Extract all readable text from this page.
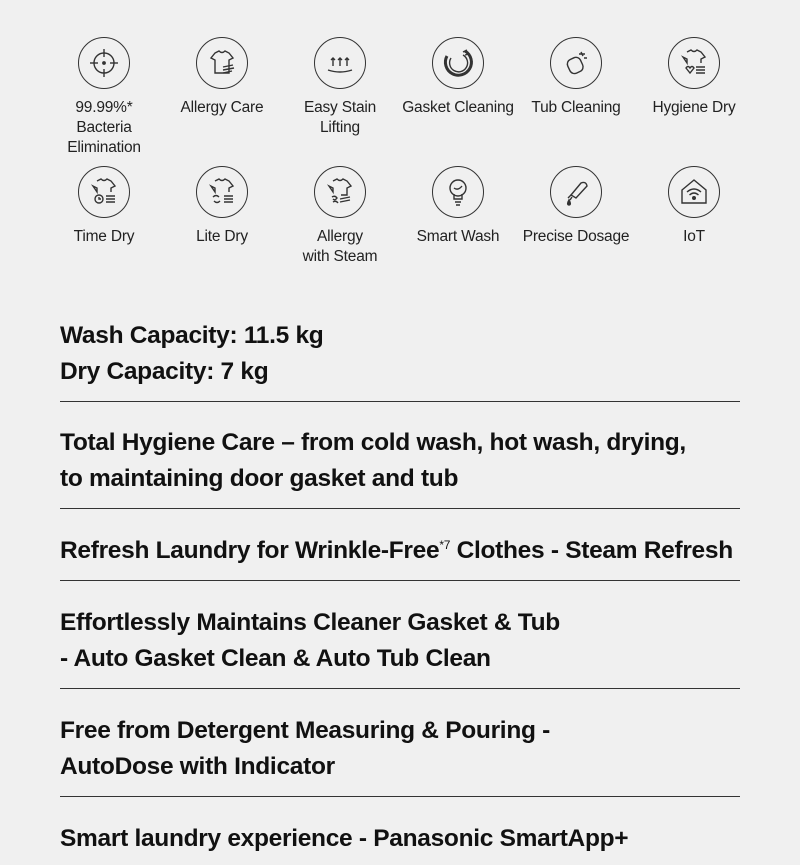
99.99%*
Bacteria Elimination
Allergy Care	Easy Stain
Lifting
Gasket Cleaning	Tub Cleaning	Hygiene Dry
Time Dry	Lite Dry	Allergy
with Steam
Smart Wash	Precise Dosage	IoT
Wash Capacity: 11.5 kg
Dry Capacity: 7 kg
Total Hygiene Care – from cold wash, hot wash, drying,
to maintaining door gasket and tub
Refresh Laundry for Wrinkle-Free$^{*7}$ Clothes - Steam Refresh
Effortlessly Maintains Cleaner Gasket & Tub
- Auto Gasket Clean & Auto Tub Clean
Free from Detergent Measuring & Pouring -
AutoDose with Indicator
Smart laundry experience - Panasonic SmartApp+
